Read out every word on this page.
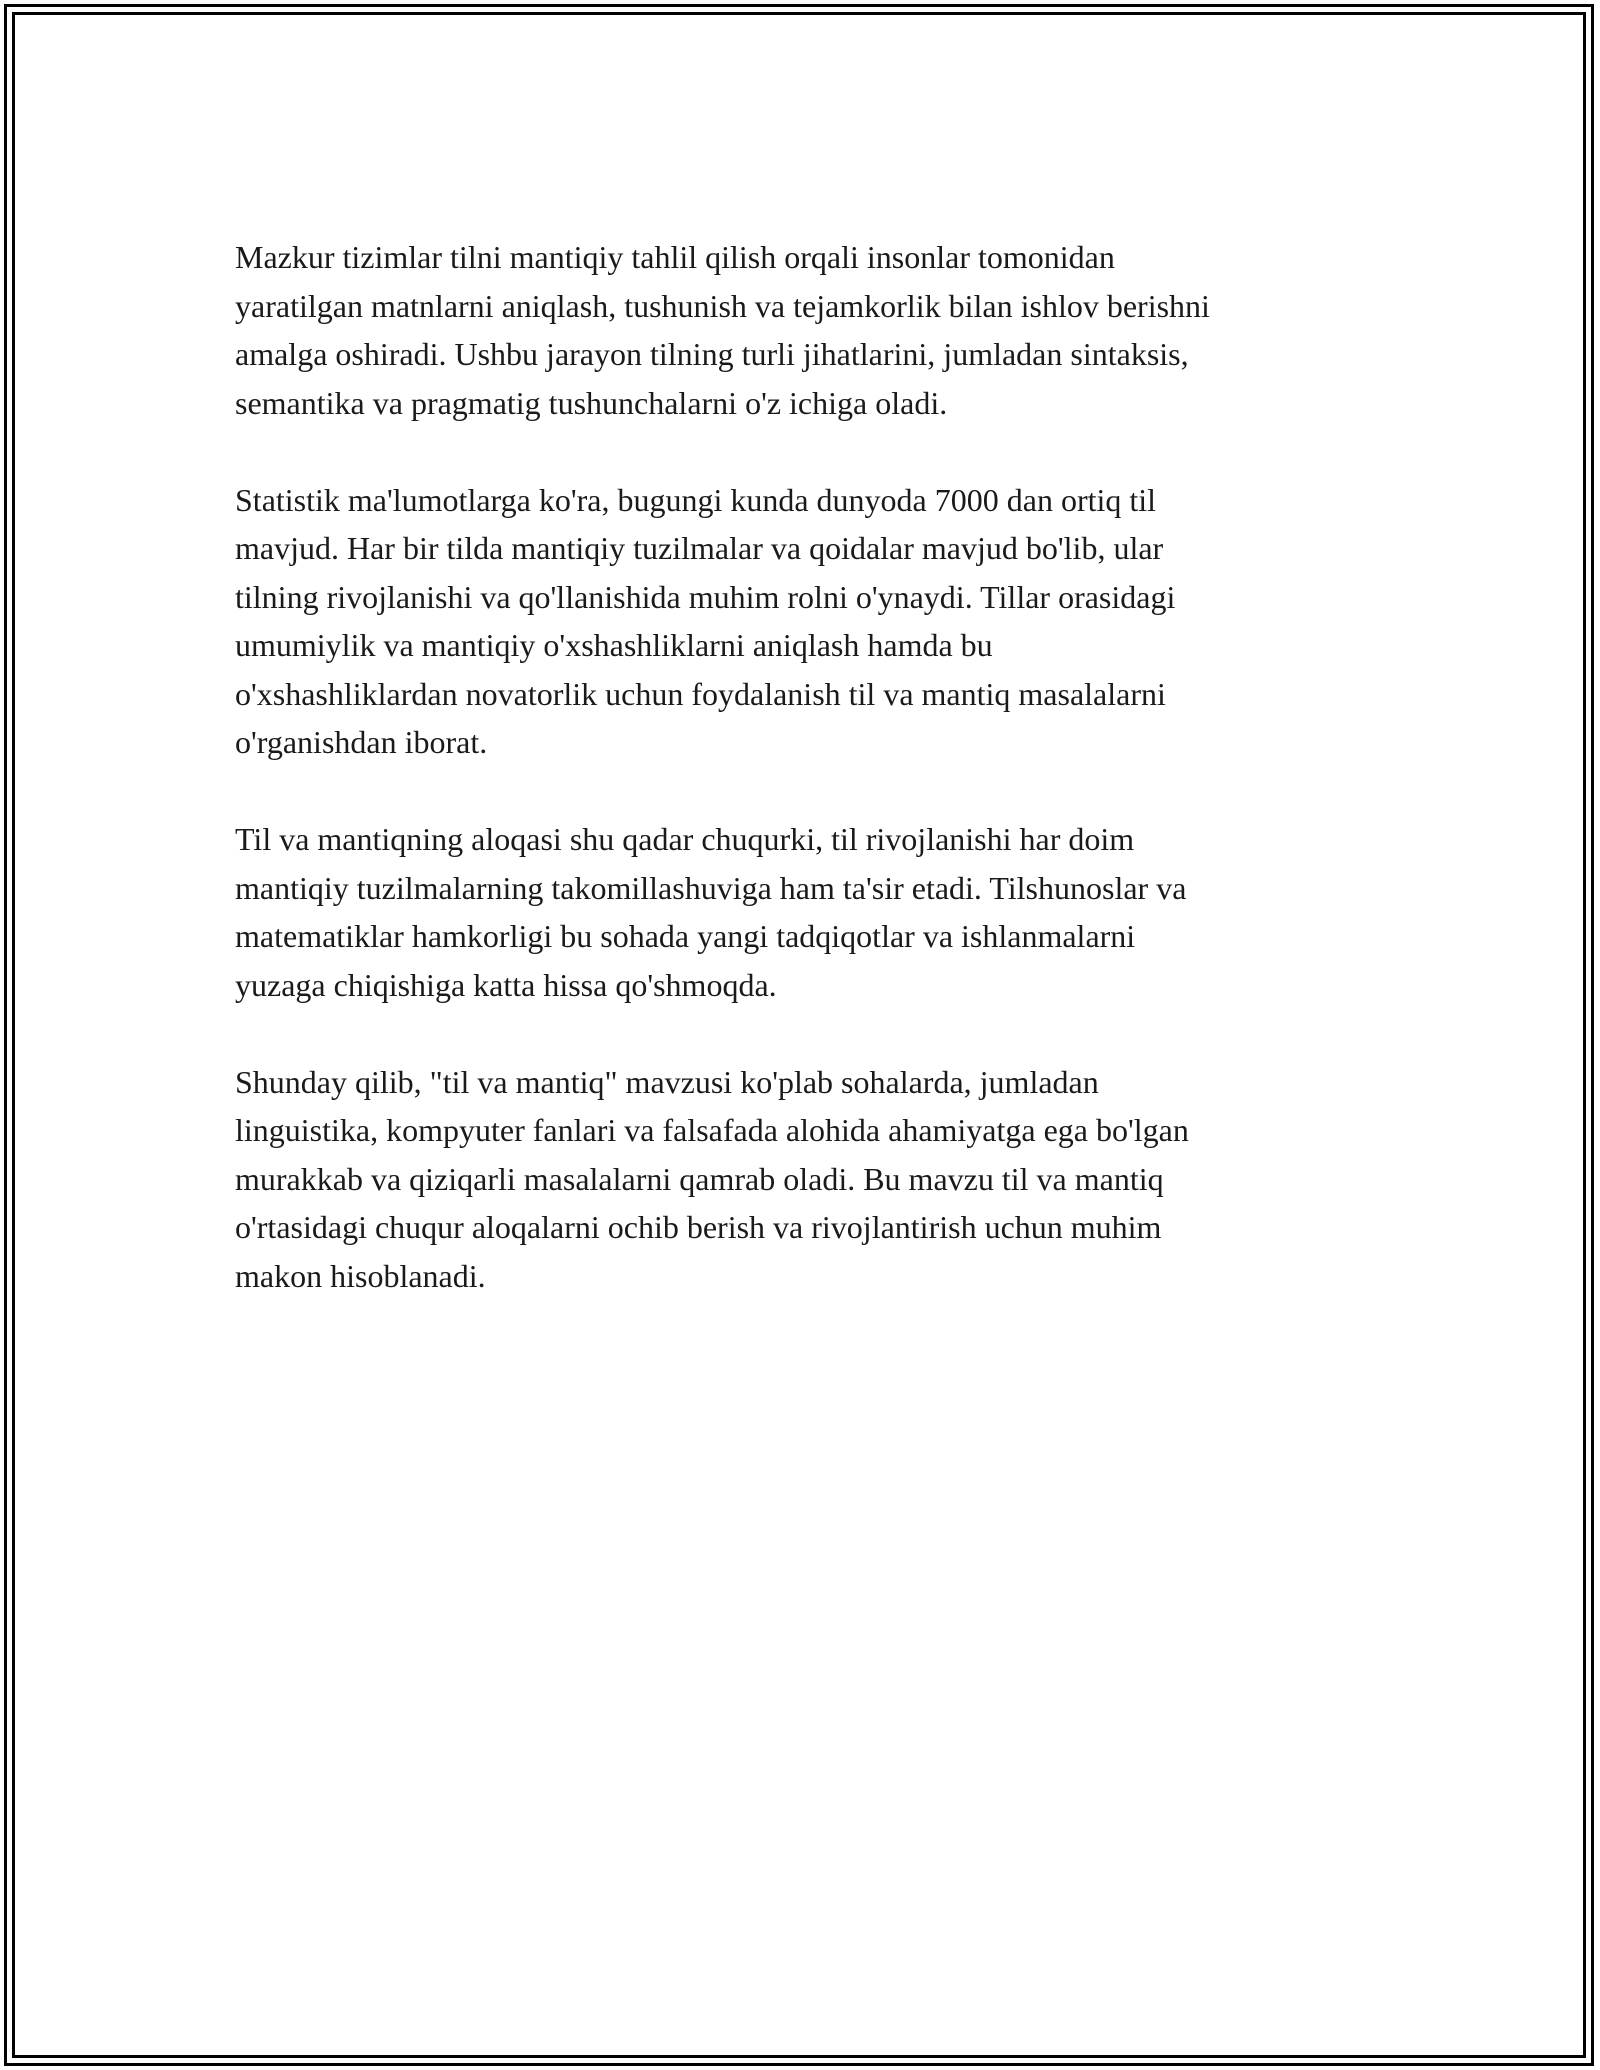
Mazkur tizimlar tilni mantiqiy tahlil qilish orqali insonlar tomonidan
yaratilgan matnlarni aniqlash, tushunish va tejamkorlik bilan ishlov berishni
amalga oshiradi. Ushbu jarayon tilning turli jihatlarini, jumladan sintaksis,
semantika va pragmatig tushunchalarni o'z ichiga oladi.

Statistik ma'lumotlarga ko'ra, bugungi kunda dunyoda 7000 dan ortiq til
mavjud. Har bir tilda mantiqiy tuzilmalar va qoidalar mavjud bo'lib, ular
tilning rivojlanishi va qo'llanishida muhim rolni o'ynaydi. Tillar orasidagi
umumiylik va mantiqiy o'xshashliklarni aniqlash hamda bu
o'xshashliklardan novatorlik uchun foydalanish til va mantiq masalalarni
o'rganishdan iborat.

Til va mantiqning aloqasi shu qadar chuqurki, til rivojlanishi har doim
mantiqiy tuzilmalarning takomillashuviga ham ta'sir etadi. Tilshunoslar va
matematiklar hamkorligi bu sohada yangi tadqiqotlar va ishlanmalarni
yuzaga chiqishiga katta hissa qo'shmoqda.

Shunday qilib, "til va mantiq" mavzusi ko'plab sohalarda, jumladan
linguistika, kompyuter fanlari va falsafada alohida ahamiyatga ega bo'lgan
murakkab va qiziqarli masalalarni qamrab oladi. Bu mavzu til va mantiq
o'rtasidagi chuqur aloqalarni ochib berish va rivojlantirish uchun muhim
makon hisoblanadi.
